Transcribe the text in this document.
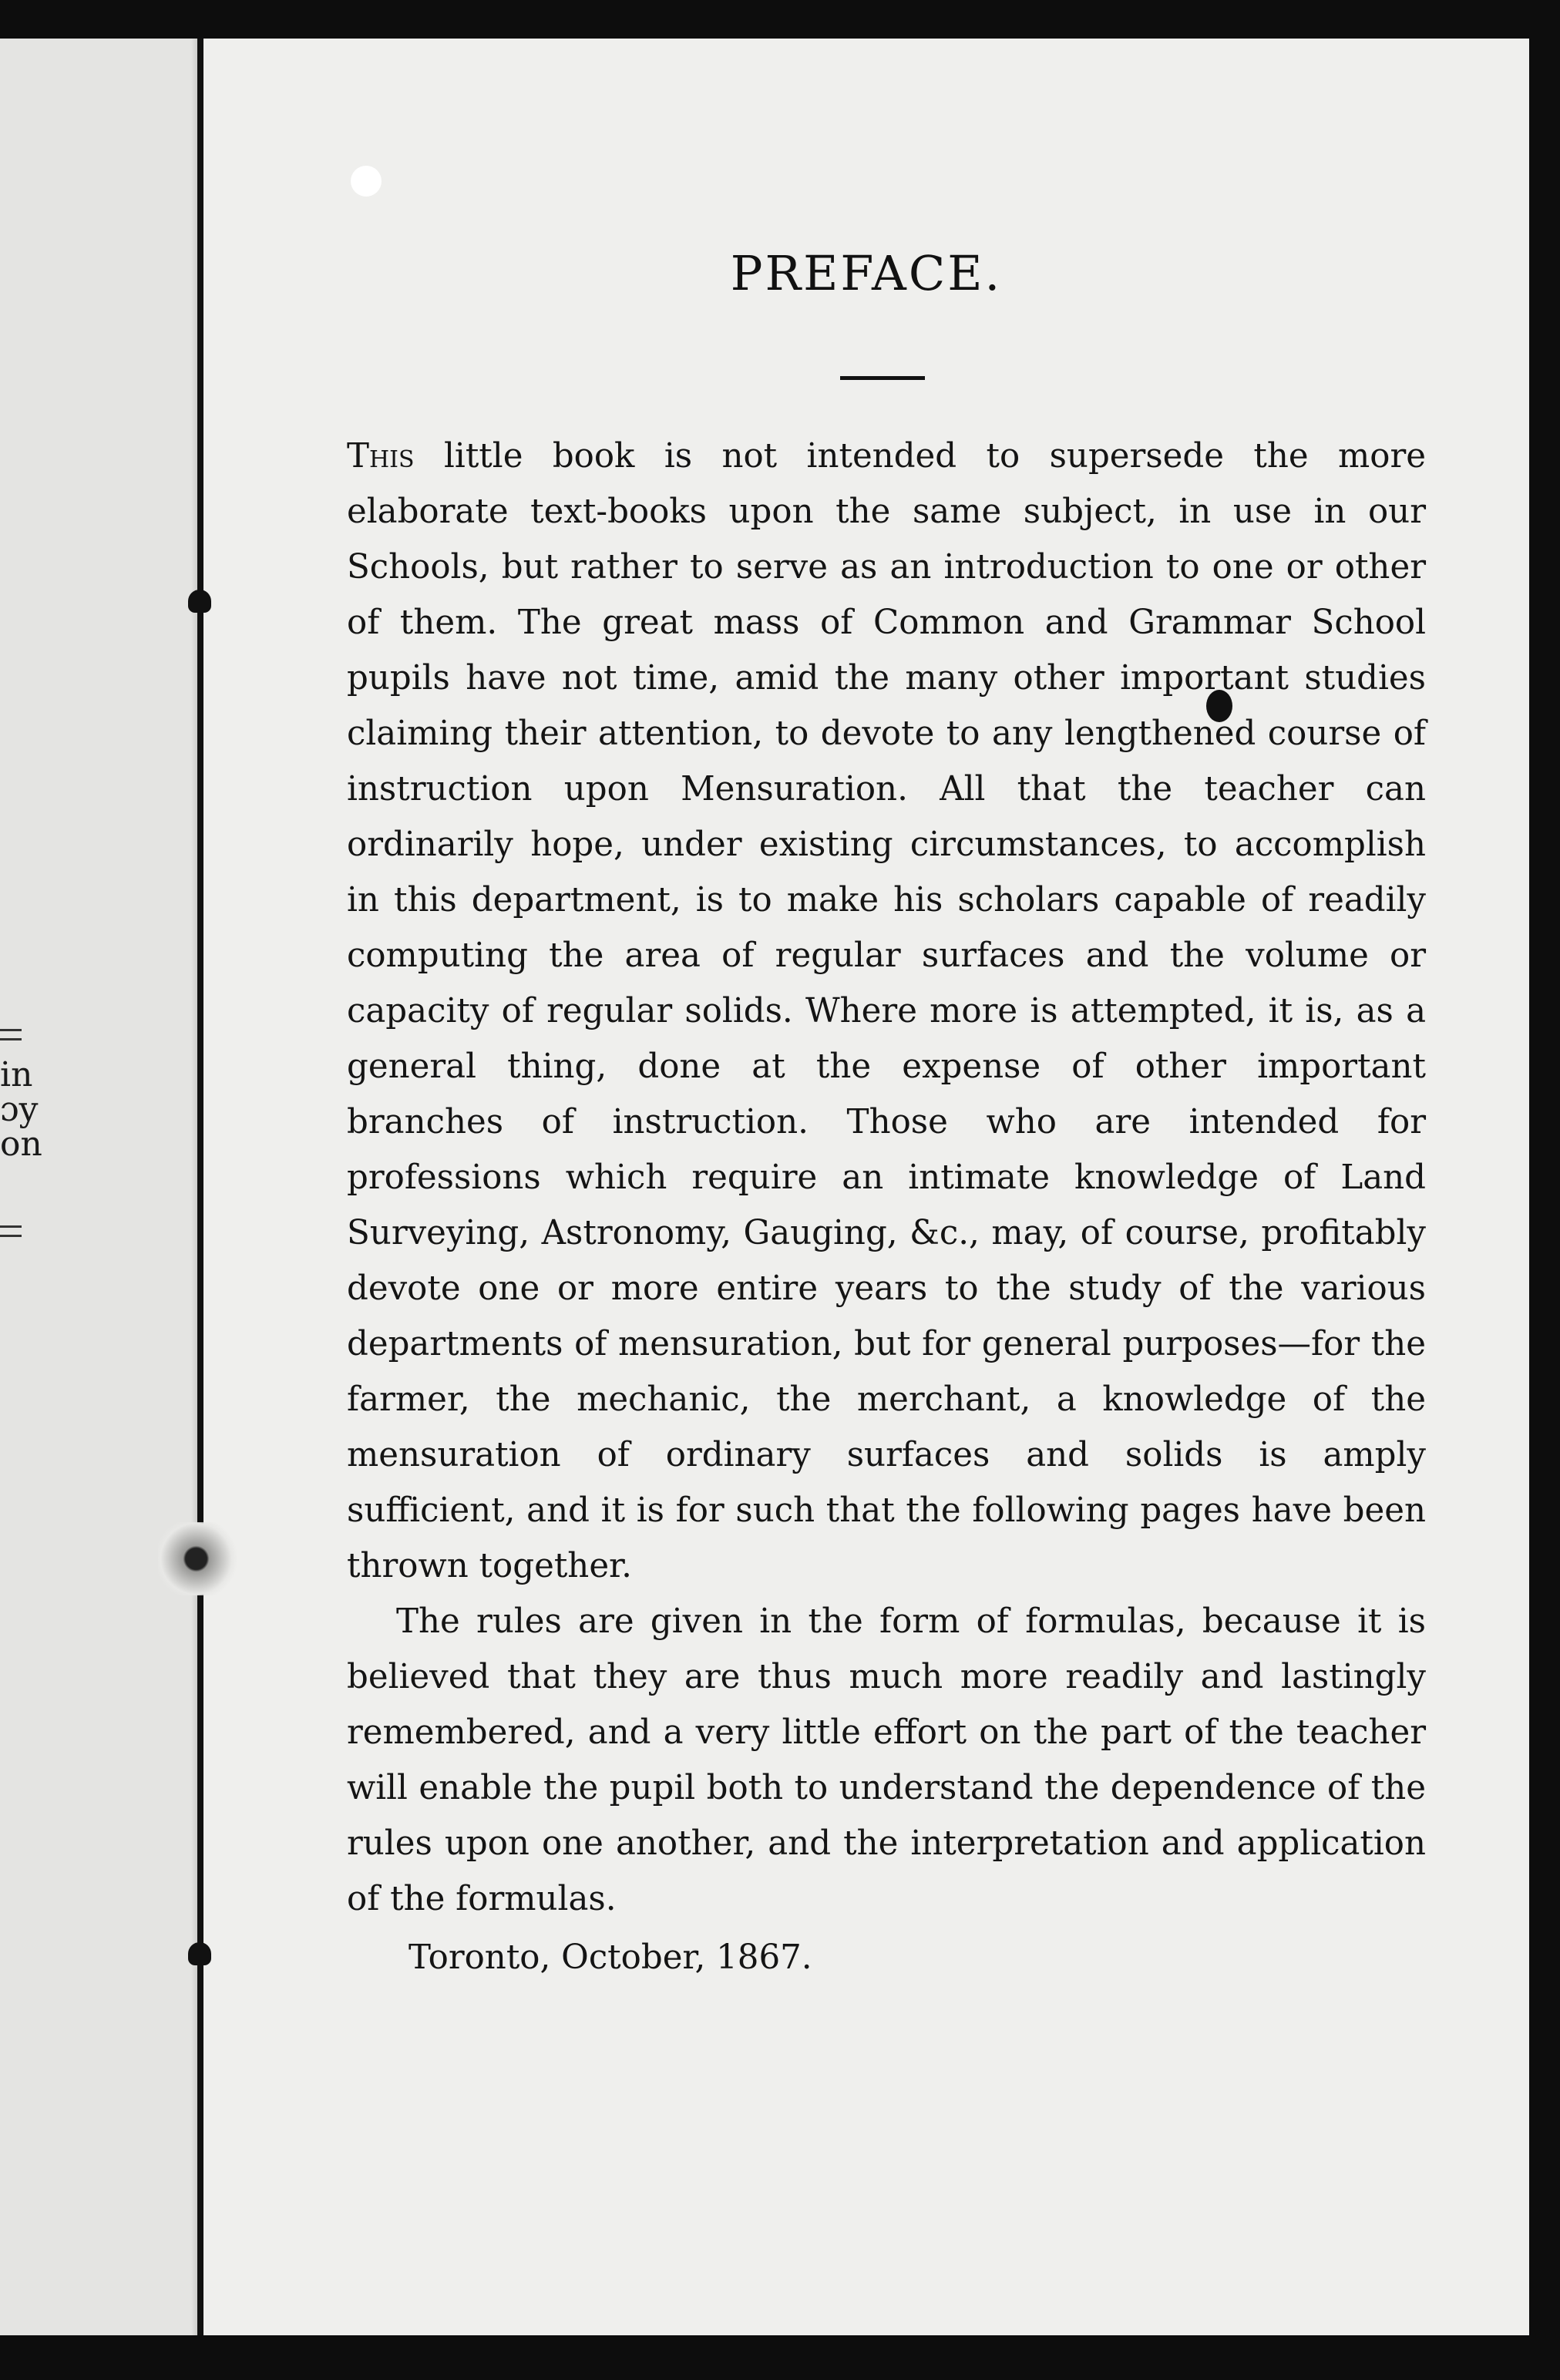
in
ɔy
on
PREFACE.

This little book is not intended to supersede the more elaborate text-books upon the same subject, in use in our Schools, but rather to serve as an introduction to one or other of them. The great mass of Common and Grammar School pupils have not time, amid the many other important studies claiming their attention, to devote to any lengthened course of instruction upon Mensuration. All that the teacher can ordinarily hope, under existing circumstances, to accomplish in this department, is to make his scholars capable of readily computing the area of regular surfaces and the volume or capacity of regular solids. Where more is attempted, it is, as a general thing, done at the expense of other important branches of instruction. Those who are intended for professions which require an intimate knowledge of Land Surveying, Astronomy, Gauging, &c., may, of course, profitably devote one or more entire years to the study of the various departments of mensuration, but for general purposes—for the farmer, the mechanic, the merchant, a knowledge of the mensuration of ordinary surfaces and solids is amply sufficient, and it is for such that the following pages have been thrown together.

The rules are given in the form of formulas, because it is believed that they are thus much more readily and lastingly remembered, and a very little effort on the part of the teacher will enable the pupil both to understand the dependence of the rules upon one another, and the interpretation and application of the formulas.

Toronto, October, 1867.
